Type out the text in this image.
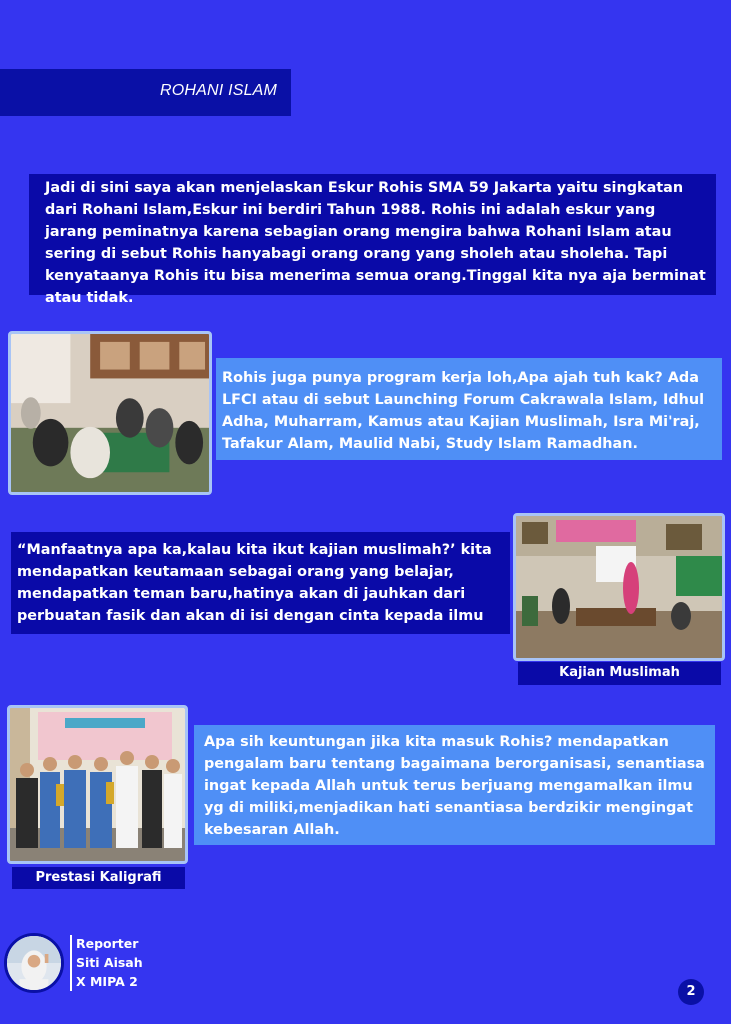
ROHANI ISLAM
Jadi di sini saya akan menjelaskan Eskur Rohis SMA 59 Jakarta yaitu singkatan dari Rohani Islam,Eskur ini berdiri Tahun 1988. Rohis ini adalah eskur yang jarang peminatnya karena sebagian orang mengira bahwa Rohani Islam atau sering di sebut Rohis hanyabagi orang orang yang sholeh atau sholeha. Tapi kenyataanya Rohis itu bisa menerima semua orang.Tinggal kita nya aja berminat atau tidak.
Rohis juga punya program kerja loh,Apa ajah tuh kak? Ada LFCI atau di sebut Launching Forum Cakrawala Islam, Idhul Adha, Muharram, Kamus atau Kajian Muslimah, Isra Mi'raj, Tafakur Alam, Maulid Nabi, Study Islam Ramadhan.
“Manfaatnya apa ka,kalau kita ikut kajian muslimah?’ kita mendapatkan keutamaan sebagai orang yang belajar, mendapatkan teman baru,hatinya akan di jauhkan dari perbuatan fasik dan akan di isi dengan cinta kepada ilmu
Kajian Muslimah
Prestasi Kaligrafi
Apa sih keuntungan jika kita masuk Rohis? mendapatkan pengalam baru tentang bagaimana berorganisasi, senantiasa ingat kepada Allah untuk terus berjuang mengamalkan ilmu yg di miliki,menjadikan hati senantiasa berdzikir mengingat kebesaran Allah.
Reporter
Siti Aisah
X MIPA 2
2
